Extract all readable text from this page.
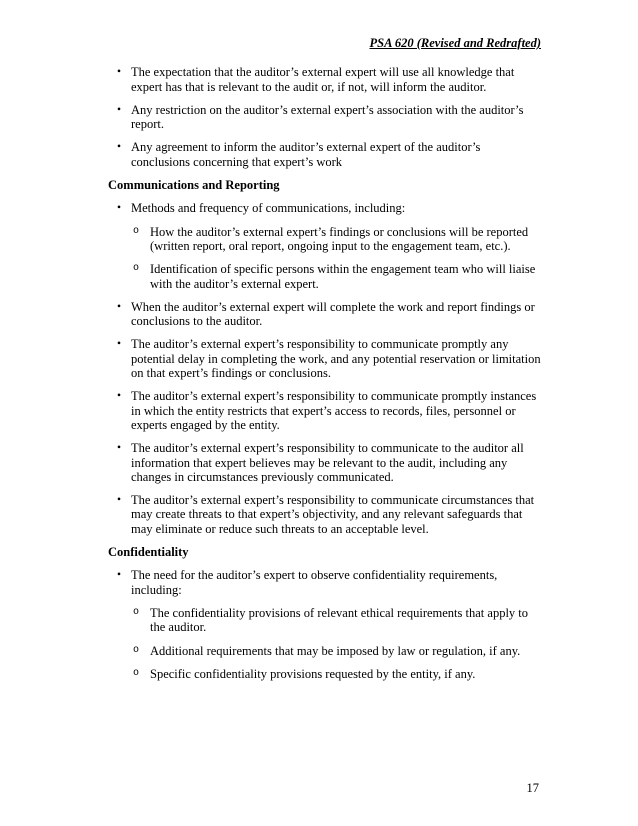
PSA 620 (Revised and Redrafted)
• The expectation that the auditor’s external expert will use all knowledge that expert has that is relevant to the audit or, if not, will inform the auditor.
• Any restriction on the auditor’s external expert’s association with the auditor’s report.
• Any agreement to inform the auditor’s external expert of the auditor’s conclusions concerning that expert’s work
Communications and Reporting
• Methods and frequency of communications, including:
o How the auditor’s external expert’s findings or conclusions will be reported (written report, oral report, ongoing input to the engagement team, etc.).
o Identification of specific persons within the engagement team who will liaise with the auditor’s external expert.
• When the auditor’s external expert will complete the work and report findings or conclusions to the auditor.
• The auditor’s external expert’s responsibility to communicate promptly any potential delay in completing the work, and any potential reservation or limitation on that expert’s findings or conclusions.
• The auditor’s external expert’s responsibility to communicate promptly instances in which the entity restricts that expert’s access to records, files, personnel or experts engaged by the entity.
• The auditor’s external expert’s responsibility to communicate to the auditor all information that expert believes may be relevant to the audit, including any changes in circumstances previously communicated.
• The auditor’s external expert’s responsibility to communicate circumstances that may create threats to that expert’s objectivity, and any relevant safeguards that may eliminate or reduce such threats to an acceptable level.
Confidentiality
• The need for the auditor’s expert to observe confidentiality requirements, including:
o The confidentiality provisions of relevant ethical requirements that apply to the auditor.
o Additional requirements that may be imposed by law or regulation, if any.
o Specific confidentiality provisions requested by the entity, if any.
17
